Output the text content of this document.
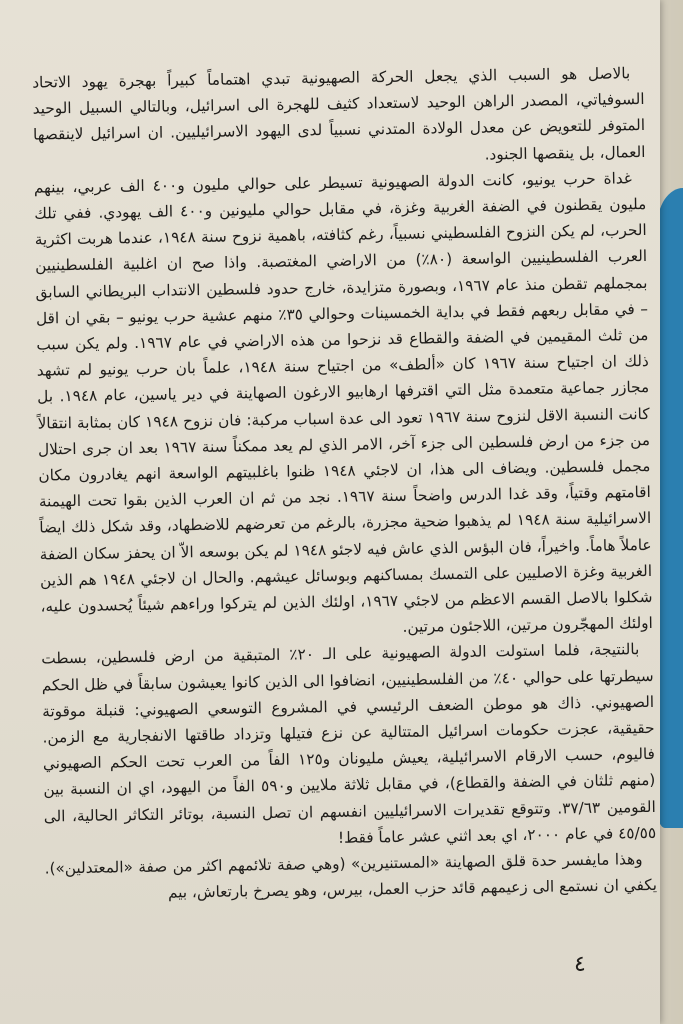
بالاصل هو السبب الذي يجعل الحركة الصهيونية تبدي اهتماماً كبيراً بهجرة يهود الاتحاد السوفياتي، المصدر الراهن الوحيد لاستعداد كثيف للهجرة الى اسرائيل، وبالتالي السبيل الوحيد المتوفر للتعويض عن معدل الولادة المتدني نسبياً لدى اليهود الاسرائيليين. ان اسرائيل لاينقصها العمال، بل ينقصها الجنود.

غداة حرب يونيو، كانت الدولة الصهيونية تسيطر على حوالي مليون و٤٠٠ الف عربي، بينهم مليون يقطنون في الضفة الغربية وغزة، في مقابل حوالي مليونين و٤٠٠ الف يهودي. ففي تلك الحرب، لم يكن النزوح الفلسطيني نسبياً، رغم كثافته، باهمية نزوح سنة ١٩٤٨، عندما هربت اكثرية العرب الفلسطينيين الواسعة (٨٠٪) من الاراضي المغتصبة. واذا صح ان اغلبية الفلسطينيين بمجملهم تقطن منذ عام ١٩٦٧، وبصورة متزايدة، خارج حدود فلسطين الانتداب البريطاني السابق – في مقابل ربعهم فقط في بداية الخمسينات وحوالي ٣٥٪ منهم عشية حرب يونيو – بقي ان اقل من ثلث المقيمين في الضفة والقطاع قد نزحوا من هذه الاراضي في عام ١٩٦٧. ولم يكن سبب ذلك ان اجتياح سنة ١٩٦٧ كان «ألطف» من اجتياح سنة ١٩٤٨، علماً بان حرب يونيو لم تشهد مجازر جماعية متعمدة مثل التي اقترفها ارهابيو الارغون الصهاينة في دير ياسين، عام ١٩٤٨. بل كانت النسبة الاقل لنزوح سنة ١٩٦٧ تعود الى عدة اسباب مركبة: فان نزوح ١٩٤٨ كان بمثابة انتقالاً من جزء من ارض فلسطين الى جزء آخر، الامر الذي لم يعد ممكناً سنة ١٩٦٧ بعد ان جرى احتلال مجمل فلسطين. ويضاف الى هذا، ان لاجئي ١٩٤٨ ظنوا باغلبيتهم الواسعة انهم يغادرون مكان اقامتهم وقتياً، وقد غدا الدرس واضحاً سنة ١٩٦٧. نجد من ثم ان العرب الذين بقوا تحت الهيمنة الاسرائيلية سنة ١٩٤٨ لم يذهبوا ضحية مجزرة، بالرغم من تعرضهم للاضطهاد، وقد شكل ذلك ايضاً عاملاً هاماً. واخيراً، فان البؤس الذي عاش فيه لاجئو ١٩٤٨ لم يكن بوسعه الاّ ان يحفز سكان الضفة الغربية وغزة الاصليين على التمسك بمساكنهم وبوسائل عيشهم. والحال ان لاجئي ١٩٤٨ هم الذين شكلوا بالاصل القسم الاعظم من لاجئي ١٩٦٧، اولئك الذين لم يتركوا وراءهم شيئاً يُحسدون عليه، اولئك المهجّرون مرتين، اللاجئون مرتين.

بالنتيجة، فلما استولت الدولة الصهيونية على الـ ٢٠٪ المتبقية من ارض فلسطين، بسطت سيطرتها على حوالي ٤٠٪ من الفلسطينيين، انضافوا الى الذين كانوا يعيشون سابقاً في ظل الحكم الصهيوني. ذاك هو موطن الضعف الرئيسي في المشروع التوسعي الصهيوني: قنبلة موقوتة حقيقية، عجزت حكومات اسرائيل المتتالية عن نزع فتيلها وتزداد طاقتها الانفجارية مع الزمن. فاليوم، حسب الارقام الاسرائيلية، يعيش مليونان و١٢٥ الفاً من العرب تحت الحكم الصهيوني (منهم ثلثان في الضفة والقطاع)، في مقابل ثلاثة ملايين و٥٩٠ الفاً من اليهود، اي ان النسبة بين القومين ٣٧/٦٣. وتتوقع تقديرات الاسرائيليين انفسهم ان تصل النسبة، بوتائر التكاثر الحالية، الى ٤٥/٥٥ في عام ٢٠٠٠، اي بعد اثني عشر عاماً فقط!

وهذا مايفسر حدة قلق الصهاينة «المستنيرين» (وهي صفة تلائمهم اكثر من صفة «المعتدلين»). يكفي ان نستمع الى زعيمهم قائد حزب العمل، بيرس، وهو يصرخ بارتعاش، بيم

٤
